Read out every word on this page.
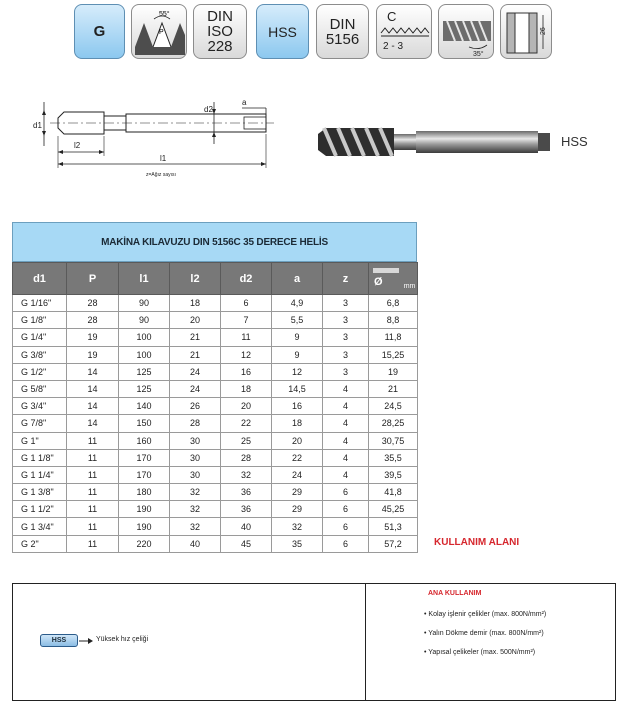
G
55°
P
DIN
ISO
228
HSS DIN
5156
C
2 - 3
35°
26
d1
d2
a
l2
l1
z=Ağız sayısı
HSS
MAKİNA KILAVUZU DIN 5156C 35 DERECE HELİS
d1	P	l1	l2	d2	a	z	Ø mm
G 1/16"	28	90	18	6	4,9	3	6,8
G 1/8"	28	90	20	7	5,5	3	8,8
G 1/4"	19	100	21	11	9	3	11,8
G 3/8"	19	100	21	12	9	3	15,25
G 1/2"	14	125	24	16	12	3	19
G 5/8"	14	125	24	18	14,5	4	21
G 3/4"	14	140	26	20	16	4	24,5
G 7/8"	14	150	28	22	18	4	28,25
G 1"	11	160	30	25	20	4	30,75
G 1 1/8"	11	170	30	28	22	4	35,5
G 1 1/4"	11	170	30	32	24	4	39,5
G 1 3/8"	11	180	32	36	29	6	41,8
G 1 1/2"	11	190	32	36	29	6	45,25
G 1 3/4"	11	190	32	40	32	6	51,3
G 2"	11	220	40	45	35	6	57,2	KULLANIM ALANI
HSS	Yüksek hız çeliği
ANA KULLANIM
• Kolay işlenir çelikler (max. 800N/mm²)
• Yalın Dökme demir (max. 800N/mm²)
• Yapısal çelikeler (max. 500N/mm²)
